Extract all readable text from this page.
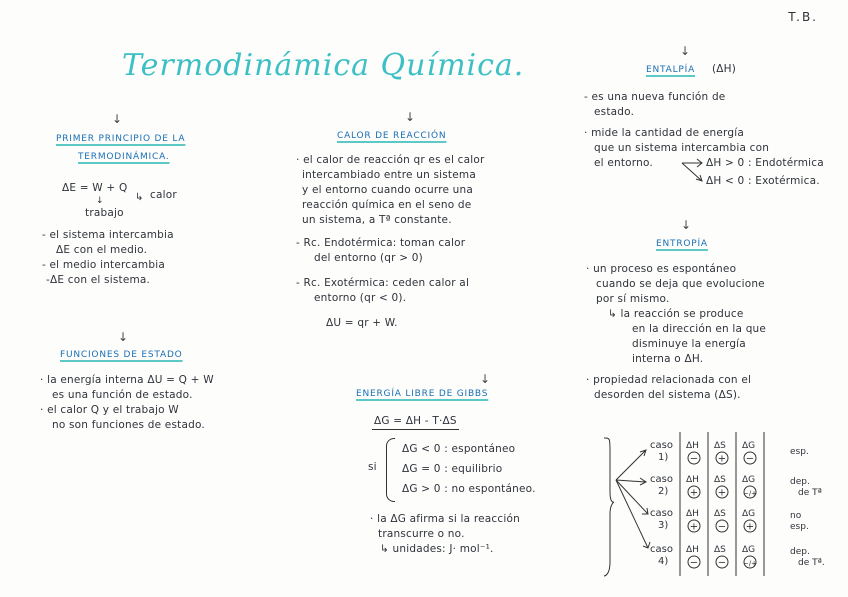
T.B.
Termodinámica Química.
↓
PRIMER PRINCIPIO DE LA
TERMODINÁMICA.
ΔE = W + Q
↳ calor
↓
trabajo
- el sistema intercambia
ΔE con el medio.
- el medio intercambia
-ΔE con el sistema.
↓
FUNCIONES DE ESTADO
· la energía interna ΔU = Q + W
es una función de estado.
· el calor Q y el trabajo W
no son funciones de estado.
↓
CALOR DE REACCIÓN
· el calor de reacción qr es el calor
intercambiado entre un sistema
y el entorno cuando ocurre una
reacción química en el seno de
un sistema, a Tª constante.
- Rc. Endotérmica: toman calor
del entorno (qr > 0)
- Rc. Exotérmica: ceden calor al
entorno (qr < 0).
ΔU = qr + W.
↓
ENERGÍA LIBRE DE GIBBS
ΔG = ΔH - T·ΔS
si
ΔG < 0 : espontáneo
ΔG = 0 : equilibrio
ΔG > 0 : no espontáneo.
· la ΔG afirma si la reacción
transcurre o no.
↳ unidades: J· mol⁻¹.
↓
ENTALPÍA (ΔH)
- es una nueva función de
estado.
· mide la cantidad de energía
que un sistema intercambia con
el entorno.	ΔH > 0 : Endotérmica
ΔH < 0 : Exotérmica.
↓
ENTROPÍA
· un proceso es espontáneo
cuando se deja que evolucione
por sí mismo.
↳ la reacción se produce
en la dirección en la que
disminuye la energía
interna o ΔH.
· propiedad relacionada con el
desorden del sistema (ΔS).
caso
1)
ΔH ΔS ΔG
− + −
esp.
caso
2)
ΔH ΔS ΔG
+ + −/+
dep.
de Tª
caso
3)
ΔH ΔS ΔG
+ − +
no
esp.
caso
4)
ΔH ΔS ΔG
− − −/+
dep.
de Tª.
